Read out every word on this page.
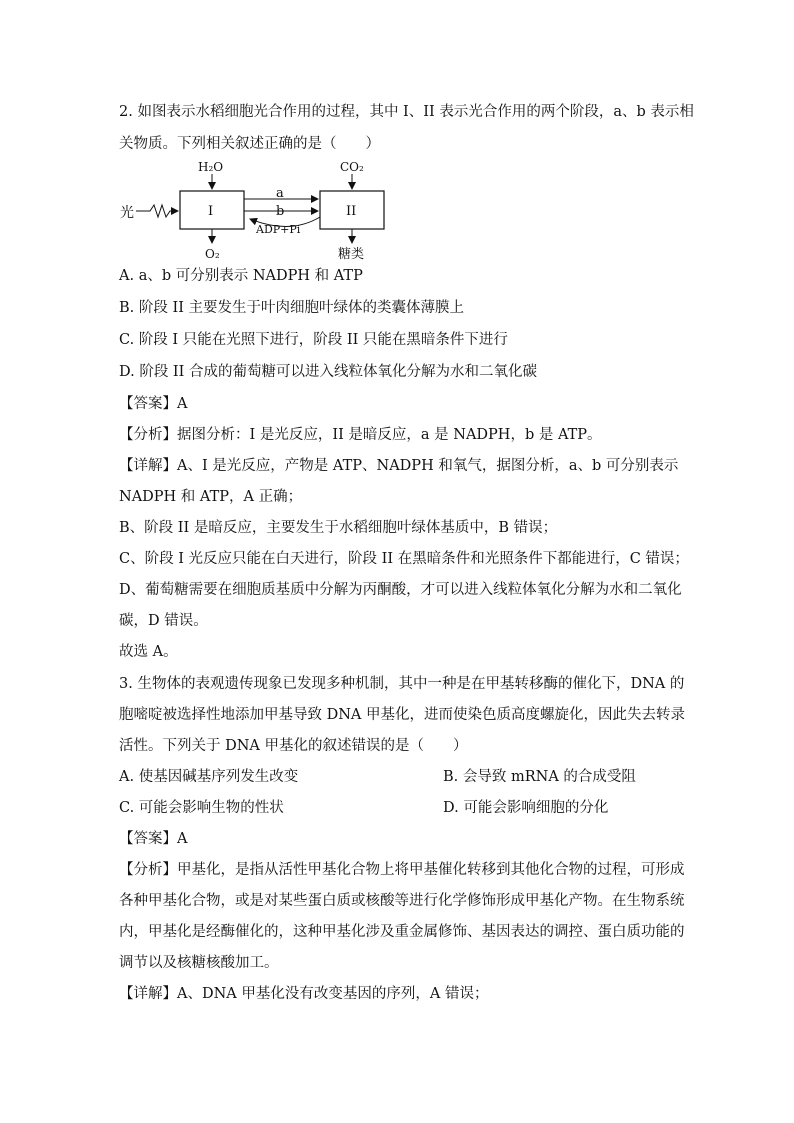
2. 如图表示水稻细胞光合作用的过程，其中 I、II 表示光合作用的两个阶段，a、b 表示相
关物质。下列相关叙述正确的是（　　）
光	I
H₂O
O₂
II
CO₂
糖类
a
b
ADP+Pi
A. a、b 可分别表示 NADPH 和 ATP
B. 阶段 II 主要发生于叶肉细胞叶绿体的类囊体薄膜上
C. 阶段 I 只能在光照下进行，阶段 II 只能在黑暗条件下进行
D. 阶段 II 合成的葡萄糖可以进入线粒体氧化分解为水和二氧化碳
【答案】A
【分析】据图分析：I 是光反应，II 是暗反应，a 是 NADPH，b 是 ATP。
【详解】A、I 是光反应，产物是 ATP、NADPH 和氧气，据图分析，a、b 可分别表示
NADPH 和 ATP，A 正确；
B、阶段 II 是暗反应，主要发生于水稻细胞叶绿体基质中，B 错误；
C、阶段 I 光反应只能在白天进行，阶段 II 在黑暗条件和光照条件下都能进行，C 错误；
D、葡萄糖需要在细胞质基质中分解为丙酮酸，才可以进入线粒体氧化分解为水和二氧化
碳，D 错误。
故选 A。
3. 生物体的表观遗传现象已发现多种机制，其中一种是在甲基转移酶的催化下，DNA 的
胞嘧啶被选择性地添加甲基导致 DNA 甲基化，进而使染色质高度螺旋化，因此失去转录
活性。下列关于 DNA 甲基化的叙述错误的是（　　）
A. 使基因碱基序列发生改变	B. 会导致 mRNA 的合成受阻
C. 可能会影响生物的性状	D. 可能会影响细胞的分化
【答案】A
【分析】甲基化，是指从活性甲基化合物上将甲基催化转移到其他化合物的过程，可形成
各种甲基化合物，或是对某些蛋白质或核酸等进行化学修饰形成甲基化产物。在生物系统
内，甲基化是经酶催化的，这种甲基化涉及重金属修饰、基因表达的调控、蛋白质功能的
调节以及核糖核酸加工。
【详解】A、DNA 甲基化没有改变基因的序列，A 错误；
